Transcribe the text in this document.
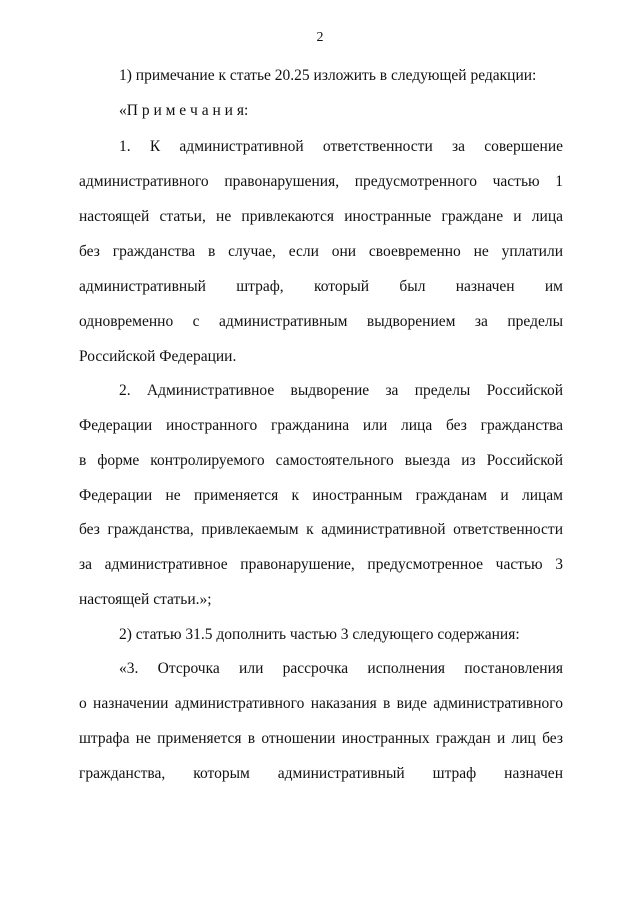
2
1) примечание к статье 20.25 изложить в следующей редакции:
«П р и м е ч а н и я:
1. К административной ответственности за совершение
административного правонарушения, предусмотренного частью 1
настоящей статьи, не привлекаются иностранные граждане и лица
без гражданства в случае, если они своевременно не уплатили
административный штраф, который был назначен им
одновременно с административным выдворением за пределы
Российской Федерации.
2. Административное выдворение за пределы Российской
Федерации иностранного гражданина или лица без гражданства
в форме контролируемого самостоятельного выезда из Российской
Федерации не применяется к иностранным гражданам и лицам
без гражданства, привлекаемым к административной ответственности
за административное правонарушение, предусмотренное частью 3
настоящей статьи.»;
2) статью 31.5 дополнить частью 3 следующего содержания:
«3. Отсрочка или рассрочка исполнения постановления
о назначении административного наказания в виде административного
штрафа не применяется в отношении иностранных граждан и лиц без
гражданства, которым административный штраф назначен
